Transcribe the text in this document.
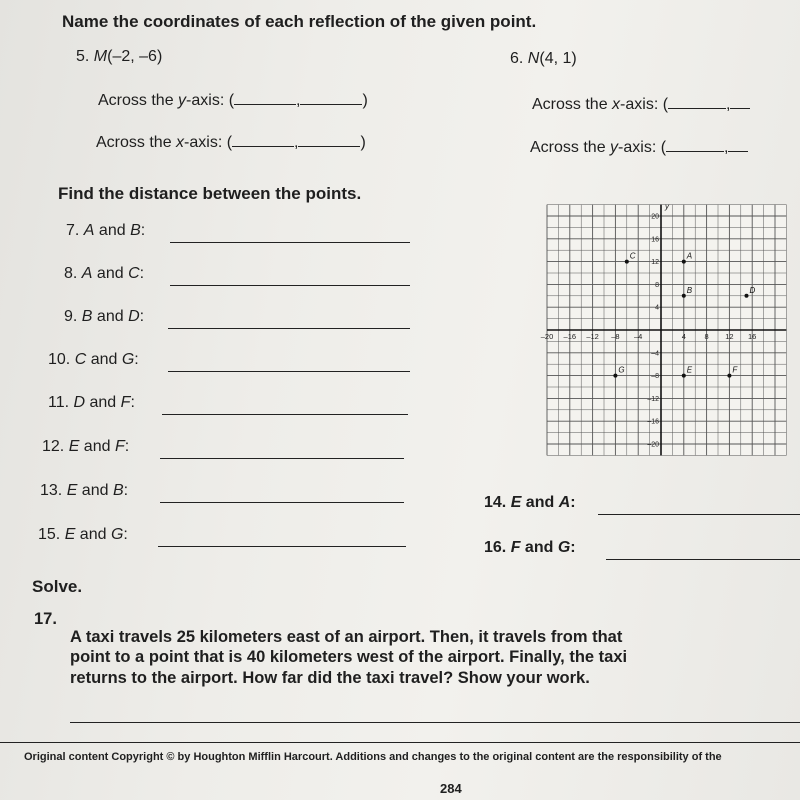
Name the coordinates of each reflection of the given point.
5. M(–2, –6)
Across the y-axis: (	,	)
Across the x-axis: (	,	)
6. N(4, 1)
Across the x-axis: (	,
Across the y-axis: (	,
Find the distance between the points.
7. A and B:
8. A and C:
9. B and D:
10. C and G:
11. D and F:
12. E and F:
13. E and B:
14. E and A:
15. E and G:
16. F and G:
y
–20 –16 –12 –8 –4	4 8 12 16
20
16
12
8
4
–4
–8
–12
–16
–20
A
B
C
D
E	F
G
Solve.
17.
A taxi travels 25 kilometers east of an airport. Then, it travels from that
point to a point that is 40 kilometers west of the airport. Finally, the taxi
returns to the airport. How far did the taxi travel? Show your work.
Original content Copyright © by Houghton Mifflin Harcourt. Additions and changes to the original content are the responsibility of the
284
